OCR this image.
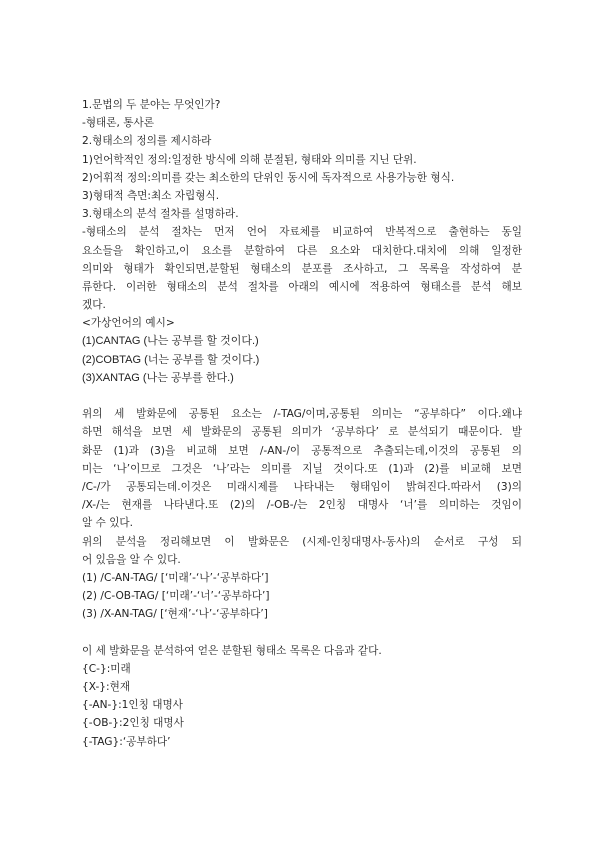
1.문법의 두 분야는 무엇인가?
-형태론, 통사론
2.형태소의 정의를 제시하라
1)언어학적인 정의:일정한 방식에 의해 분절된, 형태와 의미를 지닌 단위.
2)어휘적 정의:의미를 갖는 최소한의 단위인 동시에 독자적으로 사용가능한 형식.
3)형태적 측면:최소 자립형식.
3.형태소의 분석 절차를 설명하라.
-형태소의 분석 절차는 먼저 언어 자료체를 비교하여 반복적으로 출현하는 동일
요소들을 확인하고,이 요소를 분할하여 다른 요소와 대치한다.대치에 의해 일정한
의미와 형태가 확인되면,분할된 형태소의 분포를 조사하고, 그 목록을 작성하여 분
류한다. 이러한 형태소의 분석 절차를 아래의 예시에 적용하여 형태소를 분석 해보
겠다.
<가상언어의 예시>
(1)CANTAG (나는 공부를 할 것이다.)
(2)COBTAG (너는 공부를 할 것이다.)
(3)XANTAG (나는 공부를 한다.)
위의 세 발화문에 공통된 요소는 /-TAG/이며,공통된 의미는 “공부하다” 이다.왜냐
하면 해석을 보면 세 발화문의 공통된 의미가 ‘공부하다’ 로 분석되기 때문이다. 발
화문 (1)과 (3)을 비교해 보면 /-AN-/이 공통적으로 추출되는데,이것의 공통된 의
미는 ‘나’이므로 그것은 ‘나’라는 의미를 지닐 것이다.또 (1)과 (2)를 비교해 보면
/C-/가 공통되는데.이것은 미래시제를 나타내는 형태임이 밝혀진다.따라서 (3)의
/X-/는 현재를 나타낸다.또 (2)의 /-OB-/는 2인칭 대명사 ‘너’를 의미하는 것임이
알 수 있다.
위의 분석을 정리해보면 이 발화문은 (시제-인칭대명사-동사)의 순서로 구성 되
어 있음을 알 수 있다.
(1) /C-AN-TAG/ [‘미래’-‘나’-‘공부하다’]
(2) /C-OB-TAG/ [‘미래’-‘너’-‘공부하다’]
(3) /X-AN-TAG/ [‘현재’-‘나’-‘공부하다’]
이 세 발화문을 분석하여 얻은 분할된 형태소 목록은 다음과 같다.
{C-}:미래
{X-}:현재
{-AN-}:1인칭 대명사
{-OB-}:2인칭 대명사
{-TAG}:‘공부하다’
